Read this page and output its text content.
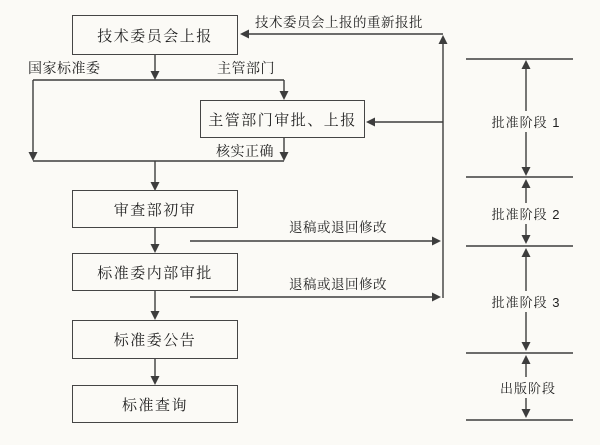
技术委员会上报
主管部门审批、上报
审查部初审
标准委内部审批
标准委公告
标准查询
技术委员会上报的重新报批
国家标准委	主管部门
核实正确
退稿或退回修改
退稿或退回修改
批准阶段 1
批准阶段 2
批准阶段 3
出版阶段
